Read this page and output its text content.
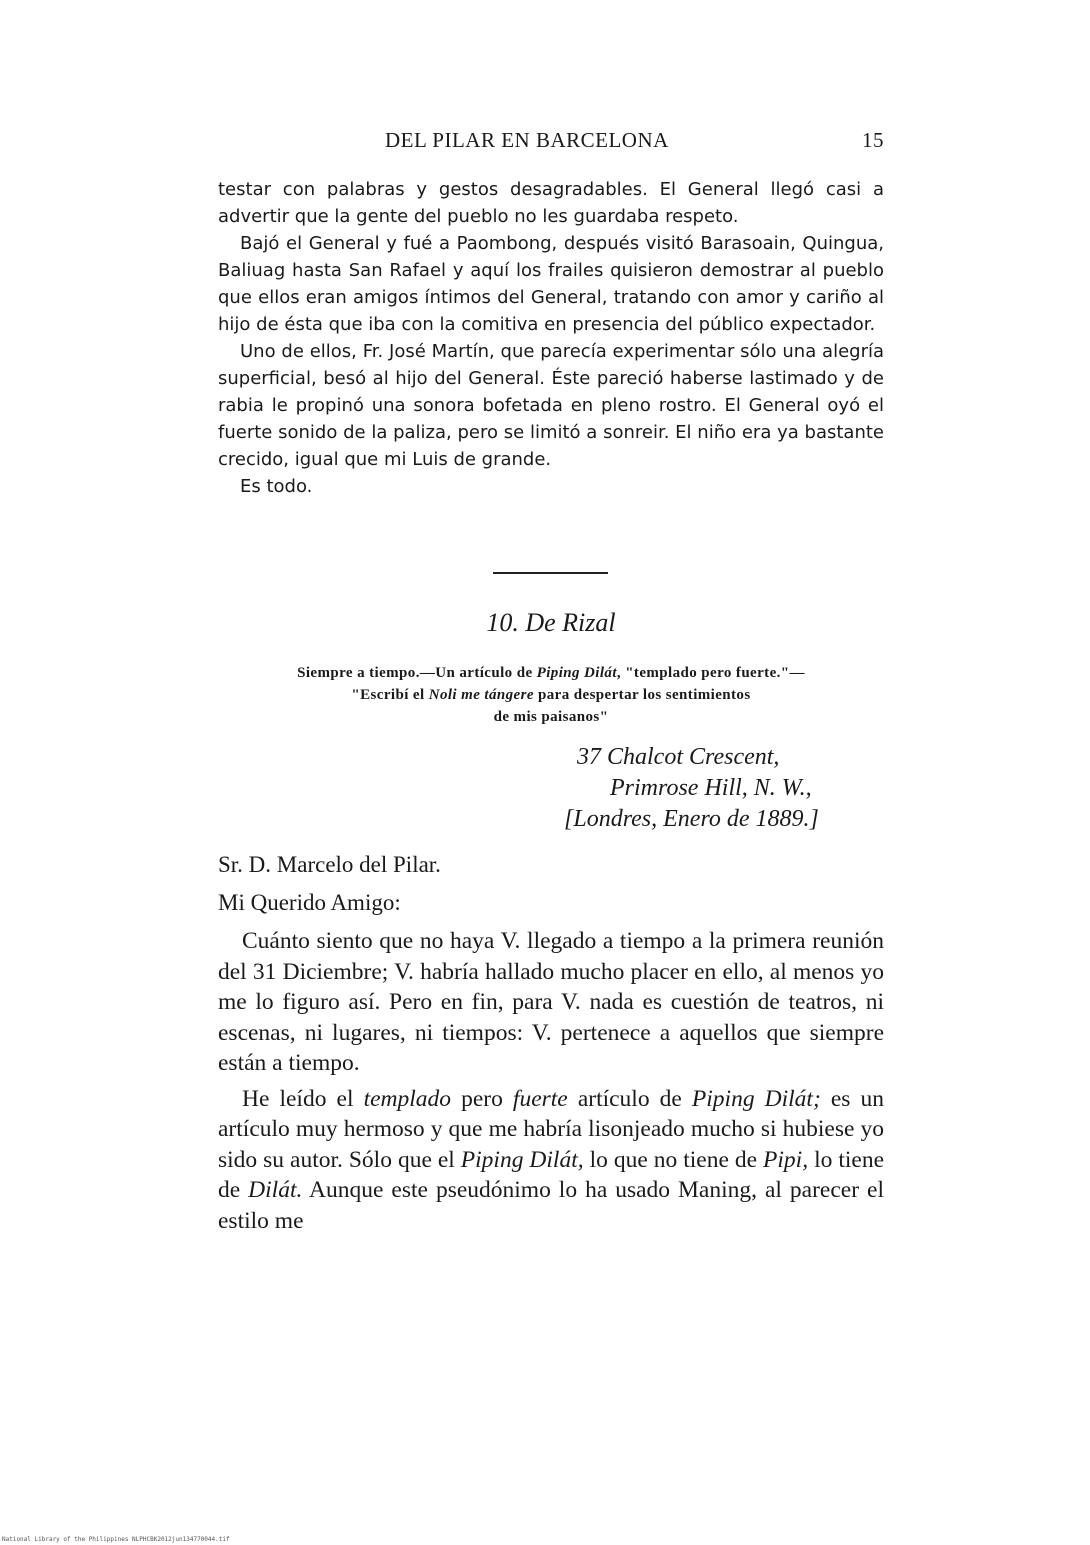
DEL PILAR EN BARCELONA	15

testar con palabras y gestos desagradables. El General llegó casi a advertir que la gente del pueblo no les guardaba respeto.

Bajó el General y fué a Paombong, después visitó Barasoain, Quingua, Baliuag hasta San Rafael y aquí los frailes quisieron demostrar al pueblo que ellos eran amigos íntimos del General, tratando con amor y cariño al hijo de ésta que iba con la comitiva en presencia del público expectador.

Uno de ellos, Fr. José Martín, que parecía experimentar sólo una alegría superficial, besó al hijo del General. Éste pareció haberse lastimado y de rabia le propinó una sonora bofetada en pleno rostro. El General oyó el fuerte sonido de la paliza, pero se limitó a sonreir. El niño era ya bastante crecido, igual que mi Luis de grande.

Es todo.

10. De Rizal
Siempre a tiempo.—Un artículo de Piping Dilát, "templado pero fuerte."—
"Escribí el Noli me tángere para despertar los sentimientos
de mis paisanos"
37 Chalcot Crescent,
Primrose Hill, N. W.,
[Londres, Enero de 1889.]
Sr. D. Marcelo del Pilar.
Mi Querido Amigo:

Cuánto siento que no haya V. llegado a tiempo a la primera reunión del 31 Diciembre; V. habría hallado mucho placer en ello, al menos yo me lo figuro así. Pero en fin, para V. nada es cuestión de teatros, ni escenas, ni lugares, ni tiempos: V. pertenece a aquellos que siempre están a tiempo.

He leído el templado pero fuerte artículo de Piping Dilát; es un artículo muy hermoso y que me habría lisonjeado mucho si hubiese yo sido su autor. Sólo que el Piping Dilát, lo que no tiene de Pipi, lo tiene de Dilát. Aunque este pseudónimo lo ha usado Maning, al parecer el estilo me

National Library of the Philippines NLPHCBK2012jun134770044.tif
